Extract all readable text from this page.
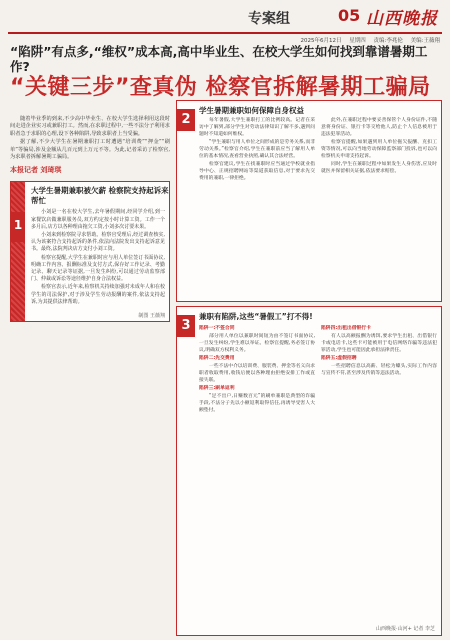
专案组	05 山西晚报
2025年6月12日 星期四 责编:李兆伦 美编:王薇翔
“陷阱”有点多,“维权”成本高,高中毕业生、在校大学生如何找到靠谱暑期工作?
“关键三步”查真伪 检察官拆解暑期工骗局

随着毕业季的到来,不少高中毕业生、在校大学生选择利用这段时间走进企业实习或兼职打工。然而,在求职过程中,一些不法分子利用求职者急于求职的心理,设下各种陷阱,导致求职者上当受骗。

据了解,不少大学生在暑期兼职打工时遭遇“培训费”“押金”“刷单”等骗局,涉及金额从几百元到上万元不等。为此,记者采访了检察官,为求职者拆解暑期工骗局。

本报记者 刘琦琪
1
大学生暑期兼职被欠薪 检察院支持起诉来帮忙

小刘是一名在校大学生,去年暑假期间,经同学介绍,到一家餐饮店做兼职服务员,双方约定按小时计算工资。工作一个多月后,店方以各种理由拖欠工资,小刘多次讨要未果。

小刘来到检察院寻求帮助。检察官受理后,经过调查核实,认为该案符合支持起诉的条件,依法向法院发出支持起诉意见书。最终,法院判决店方支付小刘工资。

检察官提醒,大学生在兼职时应与用人单位签订书面协议,明确工作内容、报酬标准及支付方式,保存好工作记录、考勤记录、聊天记录等证据,一旦发生纠纷,可以通过劳动监察部门、仲裁或诉讼等途径维护自身合法权益。

检察官表示,近年来,检察机关持续加强对未成年人和在校学生的司法保护,对于涉及学生劳动报酬的案件,依法支持起诉,为其提供法律帮助。

制图 王薇翔
2
学生暑期兼职如何保障自身权益

每年暑假,大学生兼职打工的比例较高。记者在采访中了解到,部分学生对劳动法律知识了解不多,遇到问题时不知道如何维权。

“学生兼职与用人单位之间形成的是劳务关系,而非劳动关系。”检察官介绍,学生在兼职前应当了解用人单位的基本情况,查看营业执照,确认其合法经营。

检察官建议,学生在找兼职时应当通过学校就业指导中心、正规招聘网站等渠道获取信息,对于要求先交费用的兼职,一律拒绝。

此外,在兼职过程中要妥善保管个人身份证件,不随意将身份证、银行卡等交给他人,防止个人信息被用于违法犯罪活动。

检察官提醒,如果遇到用人单位拖欠报酬、克扣工资等情况,可以向当地劳动保障监察部门投诉,也可以向检察机关申请支持起诉。

同时,学生在兼职过程中如果发生人身伤害,应及时就医并保留相关证据,依法要求赔偿。

3
兼职有陷阱,这些“暑假工”打不得!

陷阱一:不签合同

部分用人单位以兼职时间短为由不签订书面协议,一旦发生纠纷,学生难以举证。检察官提醒,务必签订协议,明确双方权利义务。

陷阱二:先交费用

一些不法中介以培训费、服装费、押金等名义向求职者收取费用,收钱后便以各种理由拒绝安排工作或直接失联。

陷阱三:刷单返利

“足不出户,日赚数百元”的刷单兼职是典型的诈骗手段,不法分子先以小额返利取得信任,再诱导受害人大额垫付。

陷阱四:出租出借银行卡

有人以高额报酬为诱饵,要求学生出租、出借银行卡或电话卡,这些卡可能被用于电信网络诈骗等违法犯罪活动,学生也可能因此承担法律责任。

陷阱五:虚假招聘

一些招聘信息以高薪、轻松为噱头,实际工作内容与宣传不符,甚至涉及传销等违法活动。

山西晚报·山河+ 记者 李芝
